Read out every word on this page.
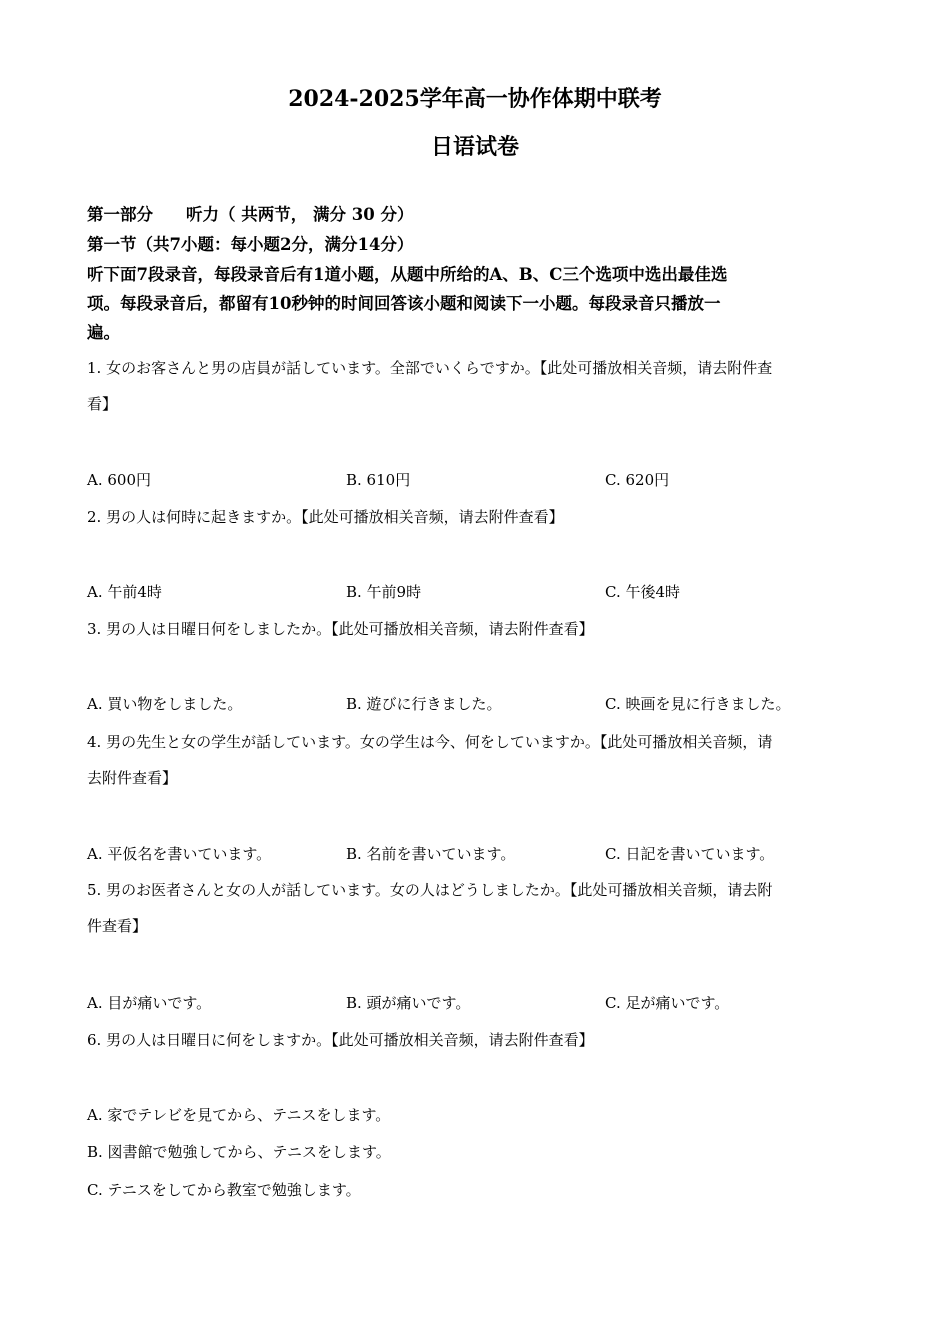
2024-2025学年高一协作体期中联考
日语试卷
第一部分　　听力（ 共两节， 满分 30 分）
第一节（共7小题：每小题2分，满分14分）
听下面7段录音，每段录音后有1道小题，从题中所给的A、B、C三个选项中选出最佳选
项。每段录音后，都留有10秒钟的时间回答该小题和阅读下一小题。每段录音只播放一
遍。
1. 女のお客さんと男の店員が話しています。全部でいくらですか。【此处可播放相关音频，请去附件查
看】
A. 600円	B. 610円	C. 620円
2. 男の人は何時に起きますか。【此处可播放相关音频，请去附件查看】
A. 午前4時	B. 午前9時	C. 午後4時
3. 男の人は日曜日何をしましたか。【此处可播放相关音频，请去附件查看】
A. 買い物をしました。	B. 遊びに行きました。	C. 映画を見に行きました。
4. 男の先生と女の学生が話しています。女の学生は今、何をしていますか。【此处可播放相关音频，请
去附件查看】
A. 平仮名を書いています。	B. 名前を書いています。	C. 日記を書いています。
5. 男のお医者さんと女の人が話しています。女の人はどうしましたか。【此处可播放相关音频，请去附
件查看】
A. 目が痛いです。	B. 頭が痛いです。	C. 足が痛いです。
6. 男の人は日曜日に何をしますか。【此处可播放相关音频，请去附件查看】
A. 家でテレビを見てから、テニスをします。
B. 図書館で勉強してから、テニスをします。
C. テニスをしてから教室で勉強します。
